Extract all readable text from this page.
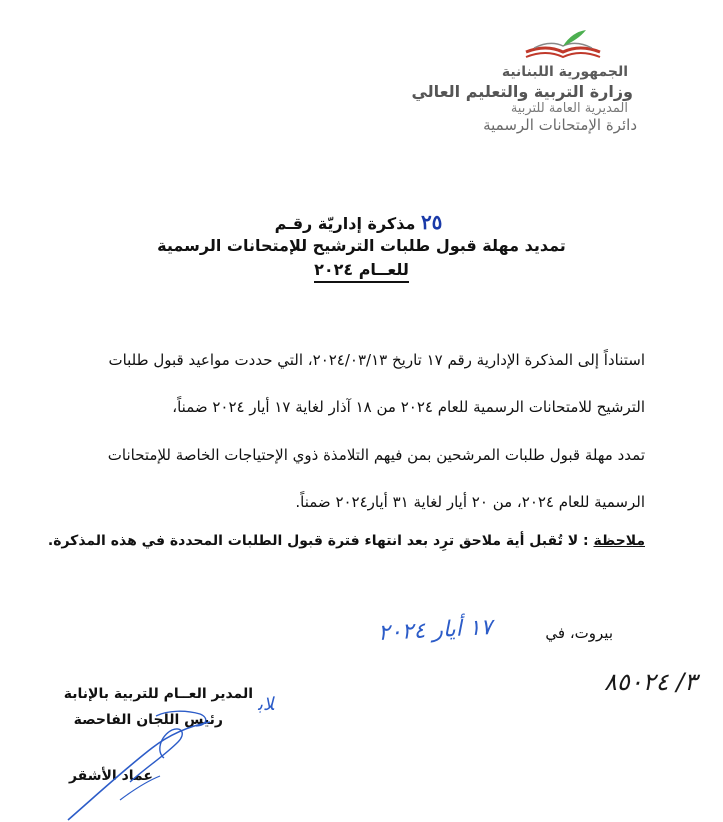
الجمهورية اللبنانية
وزارة التربية والتعليم العالي
المديرية العامة للتربية
دائرة الإمتحانات الرسمية
مذكرة إداريّة رقـم ٢٥
تمديد مهلة قبول طلبات الترشيح للإمتحانات الرسمية
للعــام ٢٠٢٤
استناداً إلى المذكرة الإدارية رقم ١٧ تاريخ ٢٠٢٤/٠٣/١٣، التي حددت مواعيد قبول طلبات
الترشيح للامتحانات الرسمية للعام ٢٠٢٤ من ١٨ آذار لغاية ١٧ أيار ٢٠٢٤ ضمناً،
تمدد مهلة قبول طلبات المرشحين بمن فيهم التلامذة ذوي الإحتياجات الخاصة للإمتحانات
الرسمية للعام ٢٠٢٤، من ٢٠ أيار لغاية ٣١ أيار٢٠٢٤ ضمناً.
ملاحظة : لا تُقبل أية ملاحق ترِد بعد انتهاء فترة قبول الطلبات المحددة في هذه المذكرة.
بيروت، في
١٧ أيار ٢٠٢٤
٣/ ٨٥٠٢٤
المدير العــام للتربية بالإنابة
رئيس اللجان الفاحصة
عماد الأشقر
ﻼﺑ
